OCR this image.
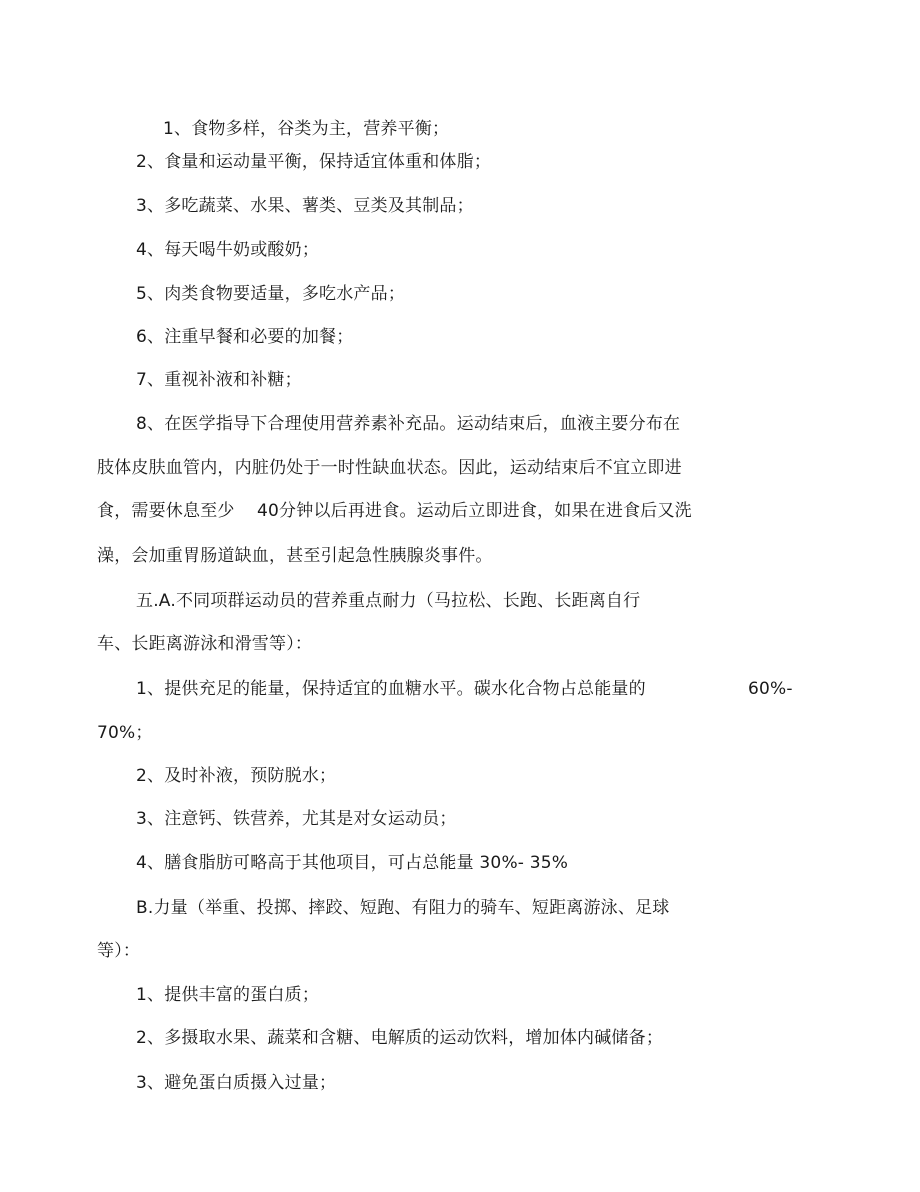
1、食物多样，谷类为主，营养平衡；
2、食量和运动量平衡，保持适宜体重和体脂；
3、多吃蔬菜、水果、薯类、豆类及其制品；
4、每天喝牛奶或酸奶；
5、肉类食物要适量，多吃水产品；
6、注重早餐和必要的加餐；
7、重视补液和补糖；
8、在医学指导下合理使用营养素补充品。运动结束后，血液主要分布在
肢体皮肤血管内，内脏仍处于一时性缺血状态。因此，运动结束后不宜立即进
食，需要休息至少    40分钟以后再进食。运动后立即进食，如果在进食后又洗
澡，会加重胃肠道缺血，甚至引起急性胰腺炎事件。
五.A.不同项群运动员的营养重点耐力（马拉松、长跑、长距离自行
车、长距离游泳和滑雪等）：
1、提供充足的能量，保持适宜的血糖水平。碳水化合物占总能量的	60%-
70%；
2、及时补液，预防脱水；
3、注意钙、铁营养，尤其是对女运动员；
4、膳食脂肪可略高于其他项目，可占总能量 30%- 35%
B.力量（举重、投掷、摔跤、短跑、有阻力的骑车、短距离游泳、足球
等）：
1、提供丰富的蛋白质；
2、多摄取水果、蔬菜和含糖、电解质的运动饮料，增加体内碱储备；
3、避免蛋白质摄入过量；
